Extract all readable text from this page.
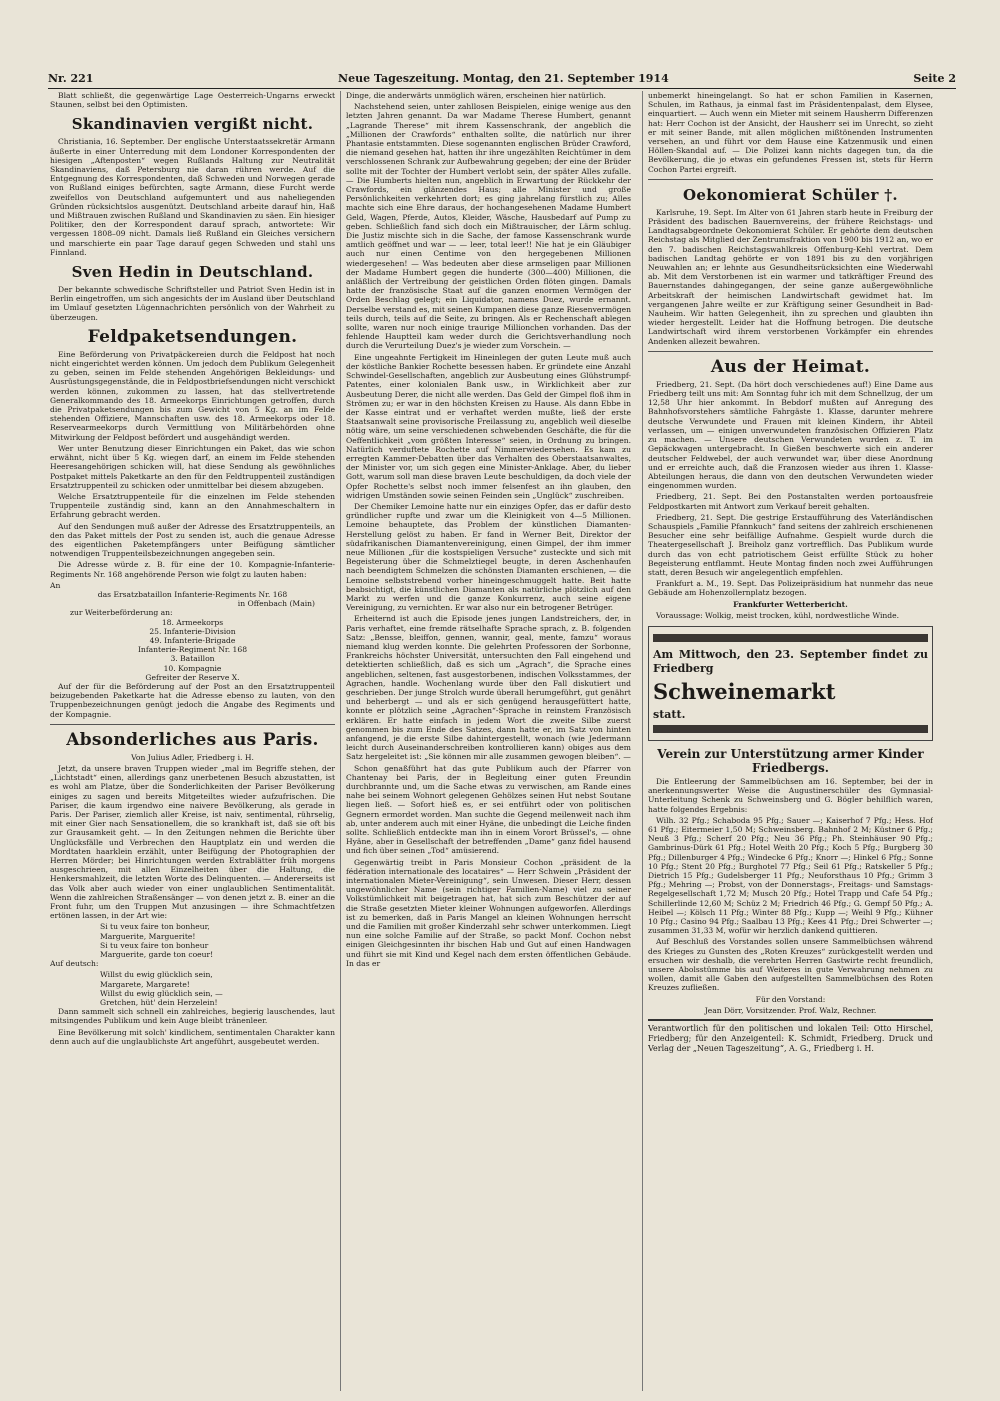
Nr. 221	Neue Tageszeitung. Montag, den 21. September 1914	Seite 2

Blatt schließt, die gegenwärtige Lage Oesterreich-Ungarns erweckt Staunen, selbst bei den Optimisten.

Skandinavien vergißt nicht.

Christiania, 16. September. Der englische Unterstaatssekretär Armann äußerte in einer Unterredung mit dem Londoner Korrespondenten der hiesigen „Aftenposten“ wegen Rußlands Haltung zur Neutralität Skandinaviens, daß Petersburg nie daran rühren werde. Auf die Entgegnung des Korrespondenten, daß Schweden und Norwegen gerade von Rußland einiges befürchten, sagte Armann, diese Furcht werde zweifellos von Deutschland aufgemuntert und aus naheliegenden Gründen rücksichtslos ausgenützt. Deutschland arbeite darauf hin, Haß und Mißtrauen zwischen Rußland und Skandinavien zu säen. Ein hiesiger Politiker, den der Korrespondent darauf sprach, antwortete: Wir vergessen 1808–09 nicht. Damals ließ Rußland ein Gleiches versichern und marschierte ein paar Tage darauf gegen Schweden und stahl uns Finnland.

Sven Hedin in Deutschland.

Der bekannte schwedische Schriftsteller und Patriot Sven Hedin ist in Berlin eingetroffen, um sich angesichts der im Ausland über Deutschland im Umlauf gesetzten Lügennachrichten persönlich von der Wahrheit zu überzeugen.

Feldpaketsendungen.

Eine Beförderung von Privatpäckereien durch die Feldpost hat noch nicht eingerichtet werden können. Um jedoch dem Publikum Gelegenheit zu geben, seinen im Felde stehenden Angehörigen Bekleidungs- und Ausrüstungsgegenstände, die in Feldpostbriefsendungen nicht verschickt werden können, zukommen zu lassen, hat das stellvertretende Generalkommando des 18. Armeekorps Einrichtungen getroffen, durch die Privatpaketsendungen bis zum Gewicht von 5 Kg. an im Felde stehenden Offiziere, Mannschaften usw. des 18. Armeekorps oder 18. Reservearmeekorps durch Vermittlung von Militärbehörden ohne Mitwirkung der Feldpost befördert und ausgehändigt werden.

Wer unter Benutzung dieser Einrichtungen ein Paket, das wie schon erwähnt, nicht über 5 Kg. wiegen darf, an einem im Felde stehenden Heeresangehörigen schicken will, hat diese Sendung als gewöhnliches Postpaket mittels Paketkarte an den für den Feldtruppenteil zuständigen Ersatztruppenteil zu schicken oder unmittelbar bei diesem abzugeben.

Welche Ersatztruppenteile für die einzelnen im Felde stehenden Truppenteile zuständig sind, kann an den Annahmeschaltern in Erfahrung gebracht werden.

Auf den Sendungen muß außer der Adresse des Ersatztruppenteils, an den das Paket mittels der Post zu senden ist, auch die genaue Adresse des eigentlichen Paketempfängers unter Beifügung sämtlicher notwendigen Truppenteilsbezeichnungen angegeben sein.

Die Adresse würde z. B. für eine der 10. Kompagnie-Infanterie-Regiments Nr. 168 angehörende Person wie folgt zu lauten haben:

An

das Ersatzbataillon Infanterie-Regiments Nr. 168

in Offenbach (Main)

zur Weiterbeförderung an:

18. Armeekorps

25. Infanterie-Division

49. Infanterie-Brigade

Infanterie-Regiment Nr. 168

3. Bataillon

10. Kompagnie

Gefreiter der Reserve X.

Auf der für die Beförderung auf der Post an den Ersatztruppenteil beizugebenden Paketkarte hat die Adresse ebenso zu lauten, von den Truppenbezeichnungen genügt jedoch die Angabe des Regiments und der Kompagnie.

Absonderliches aus Paris.

Von Julius Adler, Friedberg i. H.

Jetzt, da unsere braven Truppen wieder „mal im Begriffe stehen, der „Lichtstadt“ einen, allerdings ganz unerbetenen Besuch abzustatten, ist es wohl am Platze, über die Sonderlichkeiten der Pariser Bevölkerung einiges zu sagen und bereits Mitgeteiltes wieder aufzufrischen. Die Pariser, die kaum irgendwo eine naivere Bevölkerung, als gerade in Paris. Der Pariser, ziemlich aller Kreise, ist naiv, sentimental, rührselig, mit einer Gier nach Sensationellem, die so krankhaft ist, daß sie oft bis zur Grausamkeit geht. — In den Zeitungen nehmen die Berichte über Unglücksfälle und Verbrechen den Hauptplatz ein und werden die Mordtaten haarklein erzählt, unter Beifügung der Photographien der Herren Mörder; bei Hinrichtungen werden Extrablätter früh morgens ausgeschrieen, mit allen Einzelheiten über die Haltung, die Henkersmahlzeit, die letzten Worte des Delinquenten. — Andererseits ist das Volk aber auch wieder von einer unglaublichen Sentimentalität. Wenn die zahlreichen Straßensänger — von denen jetzt z. B. einer an die Front fuhr, um den Truppen Mut anzusingen — ihre Schmachtfetzen ertönen lassen, in der Art wie:

Si tu veux faire ton bonheur,

Marguerite, Marguerite!

Si tu veux faire ton bonheur

Marguerite, garde ton coeur!

Auf deutsch:

Willst du ewig glücklich sein,

Margarete, Margarete!

Willst du ewig glücklich sein, —

Gretchen, hüt' dein Herzelein!

Dann sammelt sich schnell ein zahlreiches, begierig lauschendes, laut mitsingendes Publikum und kein Auge bleibt tränenleer.

Eine Bevölkerung mit solch' kindlichem, sentimentalen Charakter kann denn auch auf die unglaublichste Art angeführt, ausgebeutet werden.

Dinge, die anderwärts unmöglich wären, erscheinen hier natürlich.

Nachstehend seien, unter zahllosen Beispielen, einige wenige aus den letzten Jahren genannt. Da war Madame Therese Humbert, genannt „Lagrande Therese“ mit ihrem Kassenschrank, der angeblich die „Millionen der Crawfords“ enthalten sollte, die natürlich nur ihrer Phantasie entstammten. Diese sogenannten englischen Brüder Crawford, die niemand gesehen hat, hatten ihr ihre ungezählten Reichtümer in dem verschlossenen Schrank zur Aufbewahrung gegeben; der eine der Brüder sollte mit der Tochter der Humbert verlobt sein, der später Alles zufalle. — Die Humberts hielten nun, angeblich in Erwartung der Rückkehr der Crawfords, ein glänzendes Haus; alle Minister und große Persönlichkeiten verkehrten dort; es ging jahrelang fürstlich zu; Alles machte sich eine Ehre daraus, der hochangesehenen Madame Humbert Geld, Wagen, Pferde, Autos, Kleider, Wäsche, Hausbedarf auf Pump zu geben. Schließlich fand sich doch ein Mißtrauischer, der Lärm schlug. Die Justiz mischte sich in die Sache, der famose Kassenschrank wurde amtlich geöffnet und war — — leer, total leer!! Nie hat je ein Gläubiger auch nur einen Centime von den hergegebenen Millionen wiedergesehen! — Was bedeuten aber diese armseligen paar Millionen der Madame Humbert gegen die hunderte (300—400) Millionen, die anläßlich der Vertreibung der geistlichen Orden flöten gingen. Damals hatte der französische Staat auf die ganzen enormen Vermögen der Orden Beschlag gelegt; ein Liquidator, namens Duez, wurde ernannt. Derselbe verstand es, mit seinen Kumpanen diese ganze Riesenvermögen teils durch, teils auf die Seite, zu bringen. Als er Rechenschaft ablegen sollte, waren nur noch einige traurige Millionchen vorhanden. Das der fehlende Hauptteil kam weder durch die Gerichtsverhandlung noch durch die Verurteilung Duez's je wieder zum Vorschein. —

Eine ungeahnte Fertigkeit im Hineinlegen der guten Leute muß auch der köstliche Bankier Rochette besessen haben. Er gründete eine Anzahl Schwindel-Gesellschaften, angeblich zur Ausbeutung eines Glühstrumpf-Patentes, einer kolonialen Bank usw., in Wirklichkeit aber zur Ausbeutung Derer, die nicht alle werden. Das Geld der Gimpel floß ihm in Strömen zu; er war in den höchsten Kreisen zu Hause. Als dann Ebbe in der Kasse eintrat und er verhaftet werden mußte, ließ der erste Staatsanwalt seine provisorische Freilassung zu, angeblich weil dieselbe nötig wäre, um seine verschiedenen schwebenden Geschäfte, die für die Oeffentlichkeit „vom größten Interesse“ seien, in Ordnung zu bringen. Natürlich verduftete Rochette auf Nimmerwiedersehen. Es kam zu erregten Kammer-Debatten über das Verhalten des Oberstaatsanwaltes, der Minister vor, um sich gegen eine Minister-Anklage. Aber, du lieber Gott, warum soll man diese braven Leute beschuldigen, da doch viele der Opfer Rochette's selbst noch immer felsenfest an ihn glauben, den widrigen Umständen sowie seinen Feinden sein „Unglück“ zuschreiben.

Der Chemiker Lemoine hatte nur ein einziges Opfer, das er dafür desto gründlicher rupfte und zwar um die Kleinigkeit von 4—5 Millionen. Lemoine behauptete, das Problem der künstlichen Diamanten-Herstellung gelöst zu haben. Er fand in Werner Beit, Direktor der südafrikanischen Diamantenvereinigung, einen Gimpel, der ihm immer neue Millionen „für die kostspieligen Versuche“ zusteckte und sich mit Begeisterung über die Schmelztiegel beugte, in deren Aschenhaufen nach beendigtem Schmelzen die schönsten Diamanten erschienen, — die Lemoine selbststrebend vorher hineingeschmuggelt hatte. Beit hatte beabsichtigt, die künstlichen Diamanten als natürliche plötzlich auf den Markt zu werfen und die ganze Konkurrenz, auch seine eigene Vereinigung, zu vernichten. Er war also nur ein betrogener Betrüger.

Erheiternd ist auch die Episode jenes jungen Landstreichers, der, in Paris verhaftet, eine fremde rätselhafte Sprache sprach, z. B. folgenden Satz: „Bensse, bleiffon, gennen, wannir, geal, mente, famzu“ woraus niemand klug werden konnte. Die gelehrten Professoren der Sorbonne, Frankreichs höchster Universität, untersuchten den Fall eingehend und detektierten schließlich, daß es sich um „Agrach“, die Sprache eines angeblichen, seltenen, fast ausgestorbenen, indischen Volksstammes, der Agrachen, handle. Wochenlang wurde über den Fall diskutiert und geschrieben. Der junge Strolch wurde überall herumgeführt, gut genährt und beherbergt — und als er sich genügend herausgefüttert hatte, konnte er plötzlich seine „Agrachen“-Sprache in reinstem Französisch erklären. Er hatte einfach in jedem Wort die zweite Silbe zuerst genommen bis zum Ende des Satzes, dann hatte er, im Satz von hinten anfangend, je die erste Silbe dahintergestellt, wonach (wie Jedermann leicht durch Auseinanderschreiben kontrollieren kann) obiges aus dem Satz hergeleitet ist: „Sie können mir alle zusammen gewogen bleiben“. —

Schon genaßführt hat das gute Publikum auch der Pfarrer von Chantenay bei Paris, der in Begleitung einer guten Freundin durchbrannte und, um die Sache etwas zu verwischen, am Rande eines nahe bei seinem Wohnort gelegenen Gehölzes seinen Hut nebst Soutane liegen ließ. — Sofort hieß es, er sei entführt oder von politischen Gegnern ermordet worden. Man suchte die Gegend meilenweit nach ihm ab, unter anderem auch mit einer Hyäne, die unbedingt die Leiche finden sollte. Schließlich entdeckte man ihn in einem Vorort Brüssel's, — ohne Hyäne, aber in Gesellschaft der betreffenden „Dame“ ganz fidel hausend und fich über seinen „Tod“ amüsierend.

Gegenwärtig treibt in Paris Monsieur Cochon „präsident de la fédération internationale des locataires“ — Herr Schwein „Präsident der internationalen Mieter-Vereinigung“, sein Unwesen. Dieser Herr, dessen ungewöhnlicher Name (sein richtiger Familien-Name) viel zu seiner Volkstümlichkeit mit beigetragen hat, hat sich zum Beschützer der auf die Straße gesetzten Mieter kleiner Wohnungen aufgeworfen. Allerdings ist zu bemerken, daß in Paris Mangel an kleinen Wohnungen herrscht und die Familien mit großer Kinderzahl sehr schwer unterkommen. Liegt nun eine solche Familie auf der Straße, so packt Monf. Cochon nebst einigen Gleichgesinnten ihr bischen Hab und Gut auf einen Handwagen und führt sie mit Kind und Kegel nach dem ersten öffentlichen Gebäude. In das er

unbemerkt hineingelangt. So hat er schon Familien in Kasernen, Schulen, im Rathaus, ja einmal fast im Präsidentenpalast, dem Elysee, einquartiert. — Auch wenn ein Mieter mit seinem Hausherrn Differenzen hat: Herr Cochon ist der Ansicht, der Hausherr sei im Unrecht, so zieht er mit seiner Bande, mit allen möglichen mißtönenden Instrumenten versehen, an und führt vor dem Hause eine Katzenmusik und einen Höllen-Skandal auf. — Die Polizei kann nichts dagegen tun, da die Bevölkerung, die jo etwas ein gefundenes Fressen ist, stets für Herrn Cochon Partei ergreift.

Oekonomierat Schüler †.

Karlsruhe, 19. Sept. Im Alter von 61 Jahren starb heute in Freiburg der Präsident des badischen Bauernvereins, der frühere Reichstags- und Landtagsabgeordnete Oekonomierat Schüler. Er gehörte dem deutschen Reichstag als Mitglied der Zentrumsfraktion von 1900 bis 1912 an, wo er den 7. badischen Reichstagswahlkreis Offenburg-Kehl vertrat. Dem badischen Landtag gehörte er von 1891 bis zu den vorjährigen Neuwahlen an; er lehnte aus Gesundheitsrücksichten eine Wiederwahl ab. Mit dem Verstorbenen ist ein warmer und tatkräftiger Freund des Bauernstandes dahingegangen, der seine ganze außergewöhnliche Arbeitskraft der heimischen Landwirtschaft gewidmet hat. Im vergangenen Jahre weilte er zur Kräftigung seiner Gesundheit in Bad-Nauheim. Wir hatten Gelegenheit, ihn zu sprechen und glaubten ihn wieder hergestellt. Leider hat die Hoffnung betrogen. Die deutsche Landwirtschaft wird ihrem verstorbenen Vorkämpfer ein ehrendes Andenken allezeit bewahren.

Aus der Heimat.

Friedberg, 21. Sept. (Da hört doch verschiedenes auf!) Eine Dame aus Friedberg teilt uns mit: Am Sonntag fuhr ich mit dem Schnellzug, der um 12,58 Uhr hier ankommt. In Bebdorf mußten auf Anregung des Bahnhofsvorstehers sämtliche Fahrgäste 1. Klasse, darunter mehrere deutsche Verwundete und Frauen mit kleinen Kindern, ihr Abteil verlassen, um — einigen unverwundeten französischen Offizieren Platz zu machen. — Unsere deutschen Verwundeten wurden z. T. im Gepäckwagen untergebracht. In Gießen beschwerte sich ein anderer deutscher Feldwebel, der auch verwundet war, über diese Anordnung und er erreichte auch, daß die Franzosen wieder aus ihren 1. Klasse-Abteilungen heraus, die dann von den deutschen Verwundeten wieder eingenommen wurden.

Friedberg, 21. Sept. Bei den Postanstalten werden portoausfreie Feldpostkarten mit Antwort zum Verkauf bereit gehalten.

Friedberg, 21. Sept. Die gestrige Erstaufführung des Vaterländischen Schauspiels „Familie Pfannkuch“ fand seitens der zahlreich erschienenen Besucher eine sehr beifällige Aufnahme. Gespielt wurde durch die Theatergesellschaft J. Breiholz ganz vortrefflich. Das Publikum wurde durch das von echt patriotischem Geist erfüllte Stück zu hoher Begeisterung entflammt. Heute Montag finden noch zwei Aufführungen statt, deren Besuch wir angelegentlich empfehlen.

Frankfurt a. M., 19. Sept. Das Polizeipräsidium hat nunmehr das neue Gebäude am Hohenzollernplatz bezogen.

Frankfurter Wetterbericht.

Voraussage: Wolkig, meist trocken, kühl, nordwestliche Winde.

Am Mittwoch, den 23. September findet zu Friedberg

Schweinemarkt
statt.
Verein zur Unterstützung armer Kinder Friedbergs.

Die Entleerung der Sammelbüchsen am 16. September, bei der in anerkennungswerter Weise die Augustinerschüler des Gymnasial-Unterleitung Schenk zu Schweinsberg und G. Bögler behilflich waren, hatte folgendes Ergebnis:

Wilh. 32 Pfg.; Schaboda 95 Pfg.; Sauer —; Kaiserhof 7 Pfg.; Hess. Hof 61 Pfg.; Eitermeier 1,50 M; Schweinsberg. Bahnhof 2 M; Küstner 6 Pfg.; Neuß 3 Pfg.; Scherf 20 Pfg.; Neu 36 Pfg.; Ph. Steinhäuser 90 Pfg.; Gambrinus-Dürk 61 Pfg.; Hotel Weith 20 Pfg.; Koch 5 Pfg.; Burgberg 30 Pfg.; Dillenburger 4 Pfg.; Windecke 6 Pfg.; Knorr —; Hinkel 6 Pfg.; Sonne 10 Pfg.; Stent 20 Pfg.; Burghotel 77 Pfg.; Seil 61 Pfg.; Ratskeller 5 Pfg.; Dietrich 15 Pfg.; Gudelsberger 11 Pfg.; Neuforsthaus 10 Pfg.; Grimm 3 Pfg.; Mehring —; Probst, von der Donnerstags-, Freitags- und Samstags-Regelgesellschaft 1,72 M; Musch 20 Pfg.; Hotel Trapp und Cafe 54 Pfg.; Schillerlinde 12,60 M; Schüz 2 M; Friedrich 46 Pfg.; G. Gempf 50 Pfg.; A. Heibel —; Kölsch 11 Pfg.; Winter 88 Pfg.; Kupp —; Weihl 9 Pfg.; Kühner 10 Pfg.; Casino 94 Pfg.; Saalbau 13 Pfg.; Kees 41 Pfg.; Drei Schwerter —; zusammen 31,33 M, wofür wir herzlich dankend quittieren.

Auf Beschluß des Vorstandes sollen unsere Sammelbüchsen während des Krieges zu Gunsten des „Roten Kreuzes“ zurückgestellt werden und ersuchen wir deshalb, die verehrten Herren Gastwirte recht freundlich, unsere Abolsstümme bis auf Weiteres in gute Verwahrung nehmen zu wollen, damit alle Gaben den aufgestellten Sammelbüchsen des Roten Kreuzes zufließen.

Für den Vorstand:

Jean Dörr, Vorsitzender. Prof. Walz, Rechner.

Verantwortlich für den politischen und lokalen Teil: Otto Hirschel, Friedberg; für den Anzeigenteil: K. Schmidt, Friedberg. Druck und Verlag der „Neuen Tageszeitung“, A. G., Friedberg i. H.
